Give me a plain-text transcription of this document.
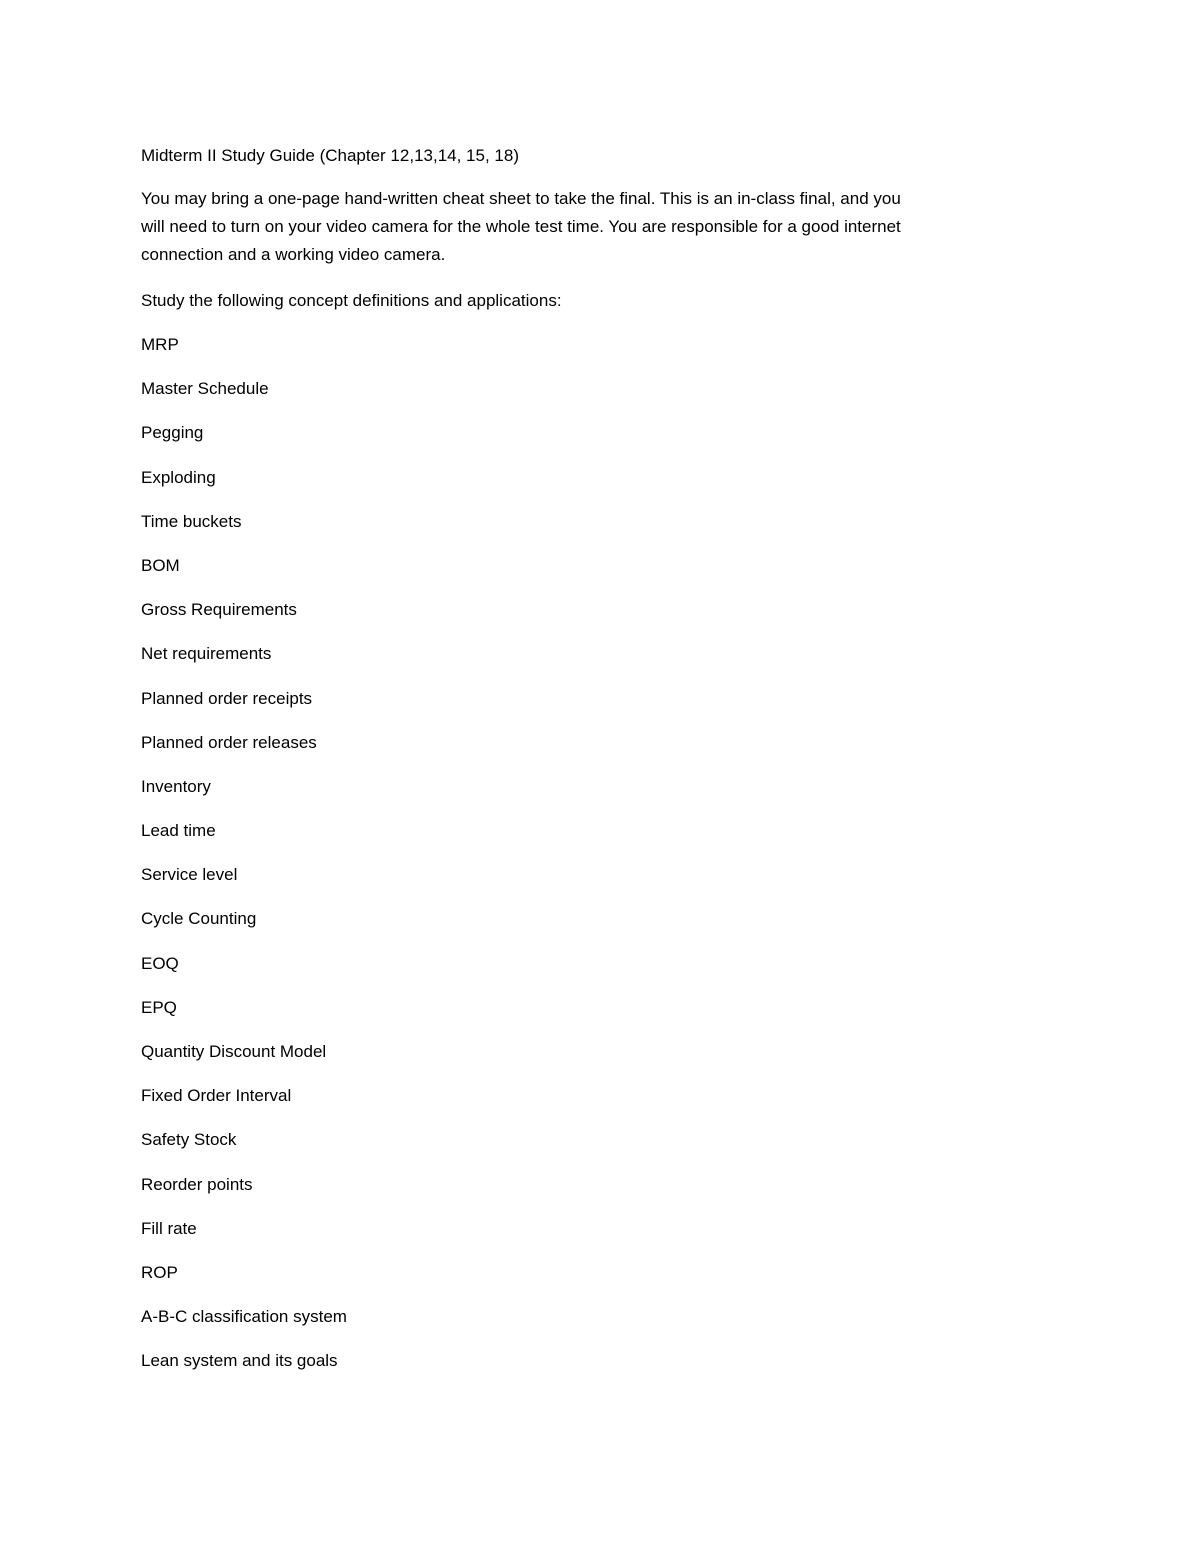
Midterm II Study Guide (Chapter 12,13,14, 15, 18)
You may bring a one-page hand-written cheat sheet to take the final. This is an in-class final, and you
will need to turn on your video camera for the whole test time. You are responsible for a good internet
connection and a working video camera.
Study the following concept definitions and applications:
MRP
Master Schedule
Pegging
Exploding
Time buckets
BOM
Gross Requirements
Net requirements
Planned order receipts
Planned order releases
Inventory
Lead time
Service level
Cycle Counting
EOQ
EPQ
Quantity Discount Model
Fixed Order Interval
Safety Stock
Reorder points
Fill rate
ROP
A-B-C classification system
Lean system and its goals
